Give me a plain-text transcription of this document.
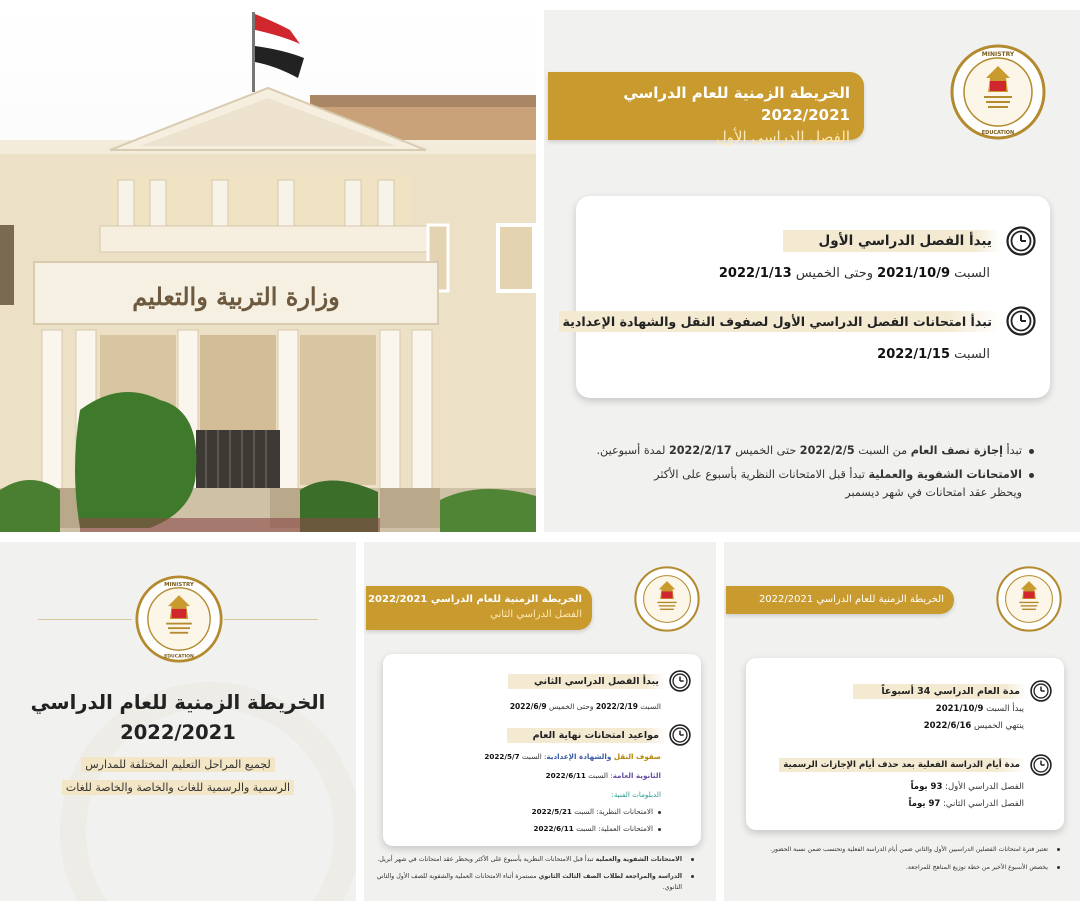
وزارة التربية والتعليم
الخريطة الزمنية للعام الدراسي 2022/2021
الفصل الدراسي الأول
MINISTRY
EDUCATION
يبدأ الفصل الدراسي الأول
السبت 2021/10/9 وحتى الخميس 2022/1/13
تبدأ امتحانات الفصل الدراسي الأول لصفوف النقل والشهادة الإعدادية
السبت 2022/1/15
تبدأ إجازة نصف العام من السبت 2022/2/5 حتى الخميس 2022/2/17 لمدة أسبوعين.
الامتحانات الشفوية والعملية تبدأ قبل الامتحانات النظرية بأسبوع على الأكثر
ويحظر عقد امتحانات في شهر ديسمبر
MINISTRY
EDUCATION
الخريطة الزمنية للعام الدراسي
2022/2021
لجميع المراحل التعليم المختلفة للمدارس
الرسمية والرسمية للغات والخاصة والخاصة للغات
الخريطة الزمنية للعام الدراسي 2022/2021
الفصل الدراسي الثاني
يبدأ الفصل الدراسي الثاني
السبت 2022/2/19 وحتى الخميس 2022/6/9
مواعيد امتحانات نهاية العام
صفوف النقل والشهادة الإعدادية: السبت 2022/5/7
الثانوية العامة: السبت 2022/6/11
الدبلومات الفنية:
الامتحانات النظرية: السبت 2022/5/21
الامتحانات العملية: السبت 2022/6/11
الامتحانات الشفوية والعملية تبدأ قبل الامتحانات النظرية بأسبوع على الأكثر ويحظر عقد امتحانات في شهر أبريل.
الدراسة والمراجعة لطلاب الصف الثالث الثانوي مستمرة أثناء الامتحانات العملية والشفوية للصف الأول والثاني الثانوي.
الخريطة الزمنية للعام الدراسي 2022/2021
مدة العام الدراسي 34 أسبوعاً
يبدأ السبت 2021/10/9
ينتهي الخميس 2022/6/16
مدة أيام الدراسة الفعلية بعد حذف أيام الإجازات الرسمية
الفصل الدراسي الأول: 93 يوماً
الفصل الدراسي الثاني: 97 يوماً
تعتبر فترة امتحانات الفصلين الدراسيين الأول والثاني ضمن أيام الدراسة الفعلية وتحتسب ضمن نسبة الحضور.
يخصص الأسبوع الأخير من خطة توزيع المناهج للمراجعة.
